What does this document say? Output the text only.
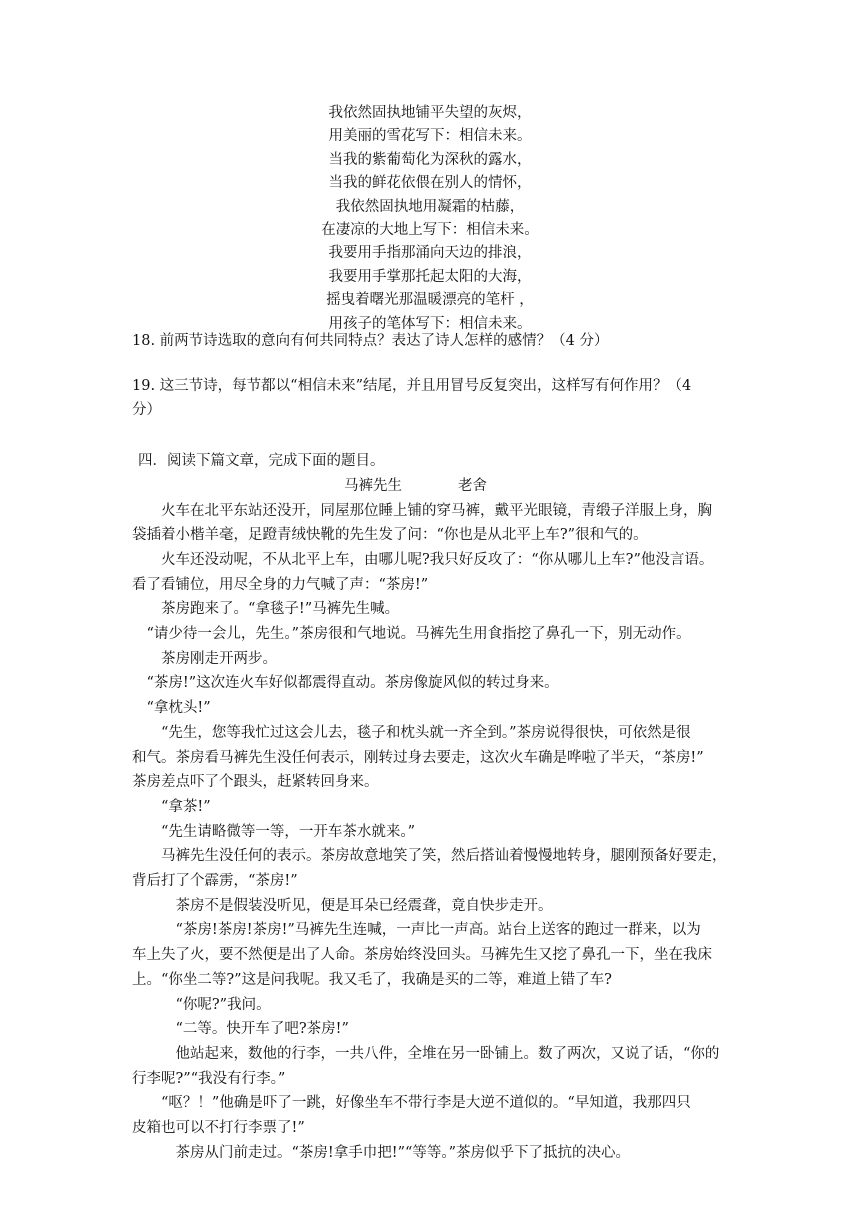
我依然固执地铺平失望的灰烬，
用美丽的雪花写下：相信未来。
当我的紫葡萄化为深秋的露水，
当我的鲜花依偎在别人的情怀，
我依然固执地用凝霜的枯藤，
在凄凉的大地上写下：相信未来。
我要用手指那涌向天边的排浪，
我要用手掌那托起太阳的大海，
摇曳着曙光那温暖漂亮的笔杆 ，
用孩子的笔体写下：相信未来。
18. 前两节诗选取的意向有何共同特点？表达了诗人怎样的感情？（4 分）
19. 这三节诗，每节都以“相信未来”结尾，并且用冒号反复突出，这样写有何作用？（4
分）
四．阅读下篇文章，完成下面的题目。
马裤先生	老舍
　　火车在北平东站还没开，同屋那位睡上铺的穿马裤，戴平光眼镜，青缎子洋服上身，胸
袋插着小楷羊毫，足蹬青绒快靴的先生发了问：“你也是从北平上车?”很和气的。
　　火车还没动呢，不从北平上车，由哪儿呢?我只好反攻了：“你从哪儿上车?”他没言语。
看了看铺位，用尽全身的力气喊了声：“茶房!”
　　茶房跑来了。“拿毯子!”马裤先生喊。
　“请少待一会儿，先生。”茶房很和气地说。马裤先生用食指挖了鼻孔一下，别无动作。
　　茶房刚走开两步。
　“茶房!”这次连火车好似都震得直动。茶房像旋风似的转过身来。
　“拿枕头!”
　　“先生，您等我忙过这会儿去，毯子和枕头就一齐全到。”茶房说得很快，可依然是很
和气。茶房看马裤先生没任何表示，刚转过身去要走，这次火车确是哗啦了半天，“茶房!”
茶房差点吓了个跟头，赶紧转回身来。
　　“拿茶!”
　　“先生请略微等一等，一开车茶水就来。”
　　马裤先生没任何的表示。茶房故意地笑了笑，然后搭讪着慢慢地转身，腿刚预备好要走，
背后打了个霹雳，“茶房!”
　　　茶房不是假装没听见，便是耳朵已经震聋，竟自快步走开。
　　　“茶房!茶房!茶房!”马裤先生连喊，一声比一声高。站台上送客的跑过一群来，以为
车上失了火，要不然便是出了人命。茶房始终没回头。马裤先生又挖了鼻孔一下，坐在我床
上。“你坐二等?”这是问我呢。我又毛了，我确是买的二等，难道上错了车?
　　　“你呢?”我问。
　　　“二等。快开车了吧?茶房!”
　　　他站起来，数他的行李，一共八件，全堆在另一卧铺上。数了两次，又说了话，“你的
行李呢?”“我没有行李。”
　　“呕？！”他确是吓了一跳，好像坐车不带行李是大逆不道似的。“早知道，我那四只
皮箱也可以不打行李票了!”
　　　茶房从门前走过。“茶房!拿手巾把!”“等等。”茶房似乎下了抵抗的决心。
